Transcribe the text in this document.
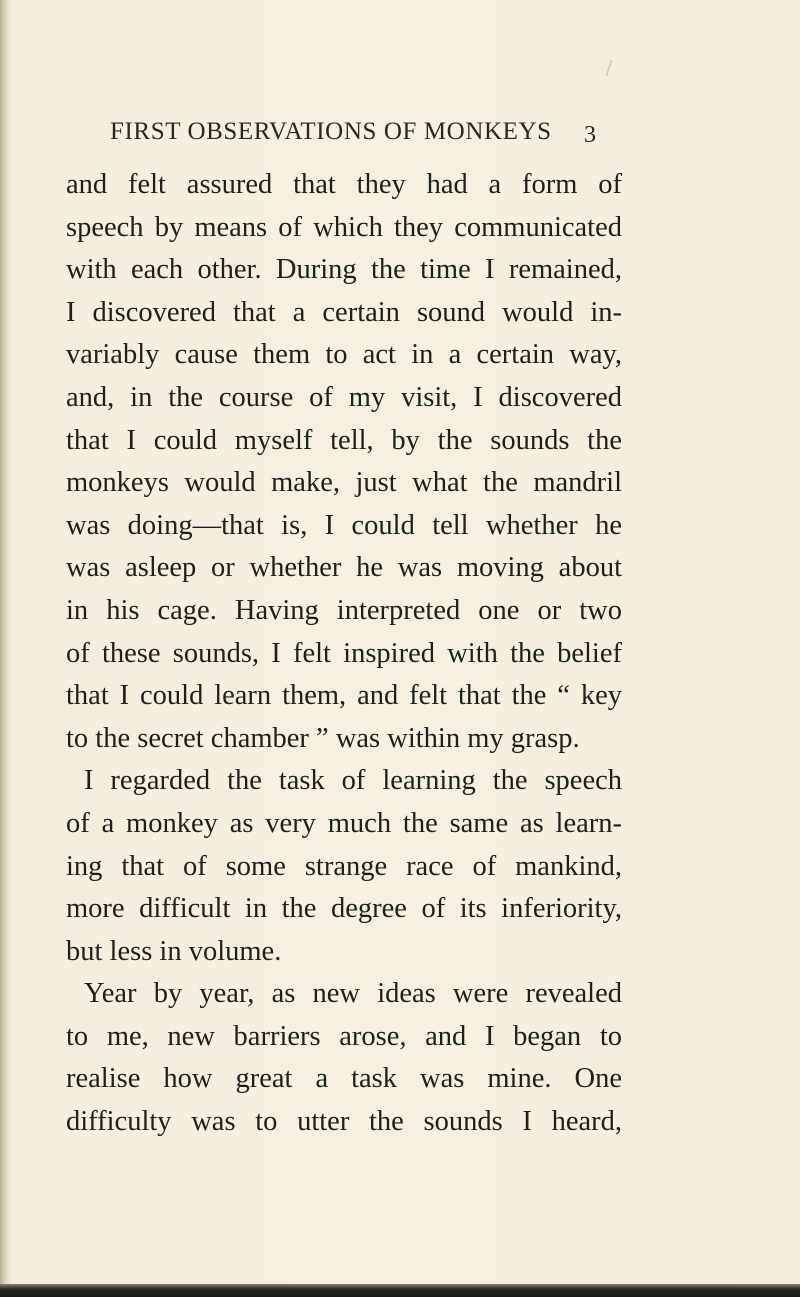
FIRST OBSERVATIONS OF MONKEYS	3

and felt assured that they had a form of
speech by means of which they communicated
with each other. During the time I remained,
I discovered that a certain sound would in-
variably cause them to act in a certain way,
and, in the course of my visit, I discovered
that I could myself tell, by the sounds the
monkeys would make, just what the mandril
was doing—that is, I could tell whether he
was asleep or whether he was moving about
in his cage. Having interpreted one or two
of these sounds, I felt inspired with the belief
that I could learn them, and felt that the “ key
to the secret chamber ” was within my grasp.
I regarded the task of learning the speech
of a monkey as very much the same as learn-
ing that of some strange race of mankind,
more difficult in the degree of its inferiority,
but less in volume.
Year by year, as new ideas were revealed
to me, new barriers arose, and I began to
realise how great a task was mine. One
difficulty was to utter the sounds I heard,
